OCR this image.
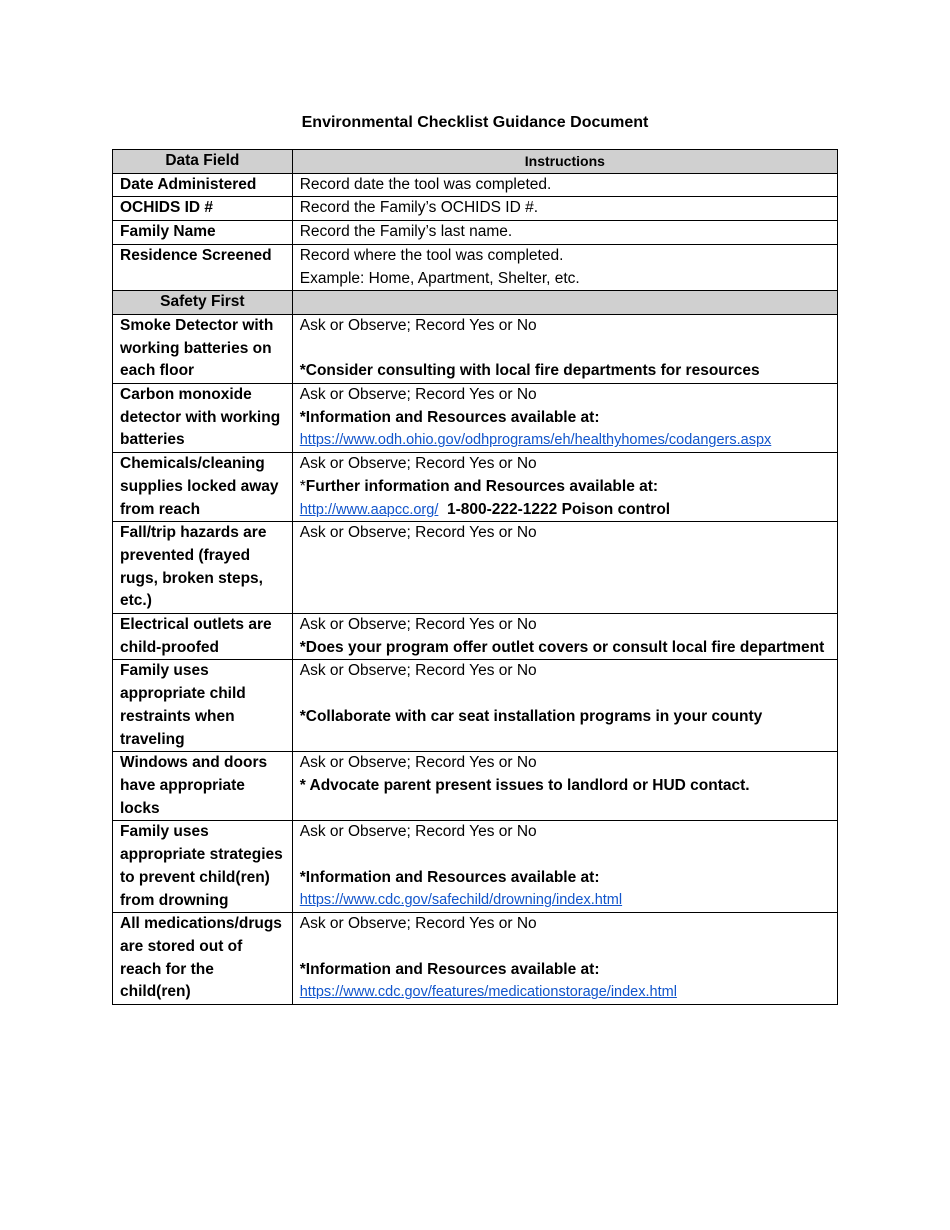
Environmental Checklist Guidance Document
Data Field	Instructions
Date Administered	Record date the tool was completed.
OCHIDS ID #	Record the Family’s OCHIDS ID #.
Family Name	Record the Family’s last name.
Residence Screened	Record where the tool was completed.
Example: Home, Apartment, Shelter, etc.

Safety First	
Smoke Detector with working batteries on each floor	Ask or Observe; Record Yes or No
*Consider consulting with local fire departments for resources

Carbon monoxide detector with working batteries	Ask or Observe; Record Yes or No
*Information and Resources available at:
https://www.odh.ohio.gov/odhprograms/eh/healthyhomes/codangers.aspx

Chemicals/cleaning supplies locked away from reach	Ask or Observe; Record Yes or No
*Further information and Resources available at:
http://www.aapcc.org/ 1-800-222-1222 Poison control

Fall/trip hazards are prevented (frayed rugs, broken steps, etc.)	Ask or Observe; Record Yes or No

Electrical outlets are child-proofed	Ask or Observe; Record Yes or No
*Does your program offer outlet covers or consult local fire department

Family uses appropriate child restraints when traveling	Ask or Observe; Record Yes or No
*Collaborate with car seat installation programs in your county

Windows and doors have appropriate locks	Ask or Observe; Record Yes or No
* Advocate parent present issues to landlord or HUD contact.

Family uses appropriate strategies to prevent child(ren) from drowning	Ask or Observe; Record Yes or No
*Information and Resources available at:
https://www.cdc.gov/safechild/drowning/index.html

All medications/drugs are stored out of reach for the child(ren)	Ask or Observe; Record Yes or No
*Information and Resources available at:
https://www.cdc.gov/features/medicationstorage/index.html
